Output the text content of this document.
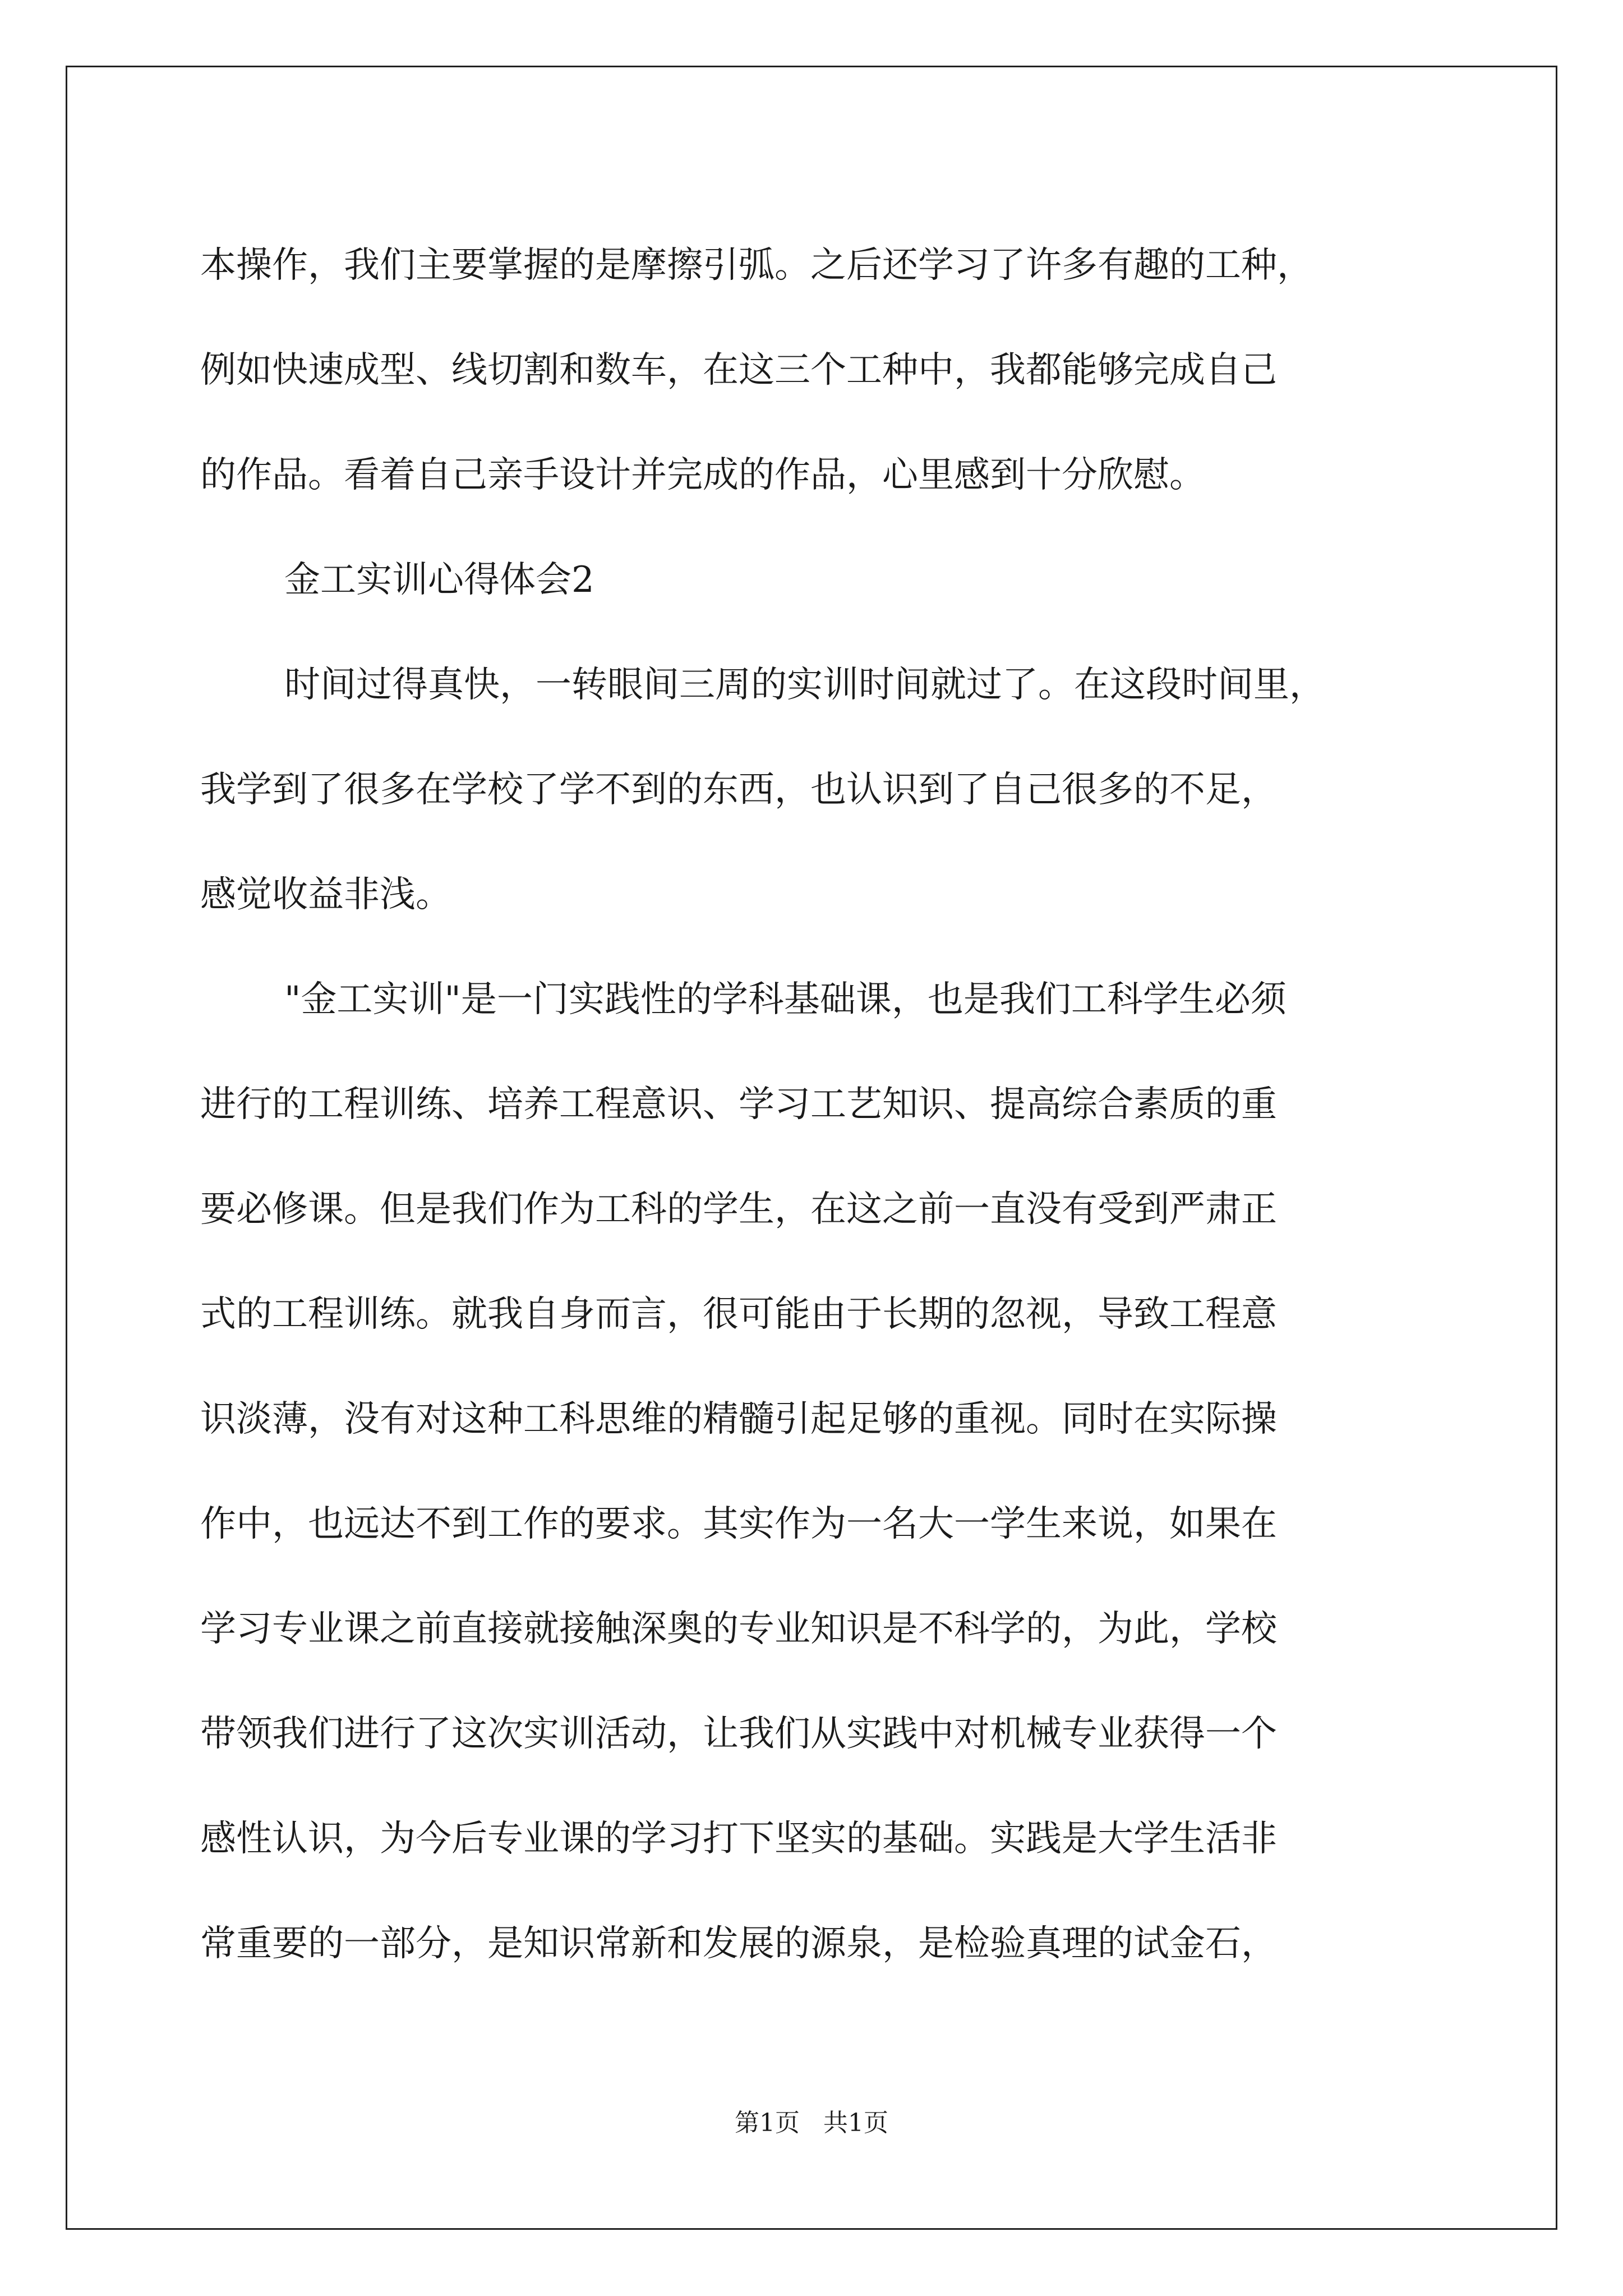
本操作，我们主要掌握的是摩擦引弧。之后还学习了许多有趣的工种，
例如快速成型、线切割和数车，在这三个工种中，我都能够完成自己
的作品。看着自己亲手设计并完成的作品，心里感到十分欣慰。
金工实训心得体会2
时间过得真快，一转眼间三周的实训时间就过了。在这段时间里，
我学到了很多在学校了学不到的东西，也认识到了自己很多的不足，
感觉收益非浅。
"金工实训"是一门实践性的学科基础课，也是我们工科学生必须
进行的工程训练、培养工程意识、学习工艺知识、提高综合素质的重
要必修课。但是我们作为工科的学生，在这之前一直没有受到严肃正
式的工程训练。就我自身而言，很可能由于长期的忽视，导致工程意
识淡薄，没有对这种工科思维的精髓引起足够的重视。同时在实际操
作中，也远达不到工作的要求。其实作为一名大一学生来说，如果在
学习专业课之前直接就接触深奥的专业知识是不科学的，为此，学校
带领我们进行了这次实训活动，让我们从实践中对机械专业获得一个
感性认识，为今后专业课的学习打下坚实的基础。实践是大学生活非
常重要的一部分，是知识常新和发展的源泉，是检验真理的试金石，
第1页   共1页
